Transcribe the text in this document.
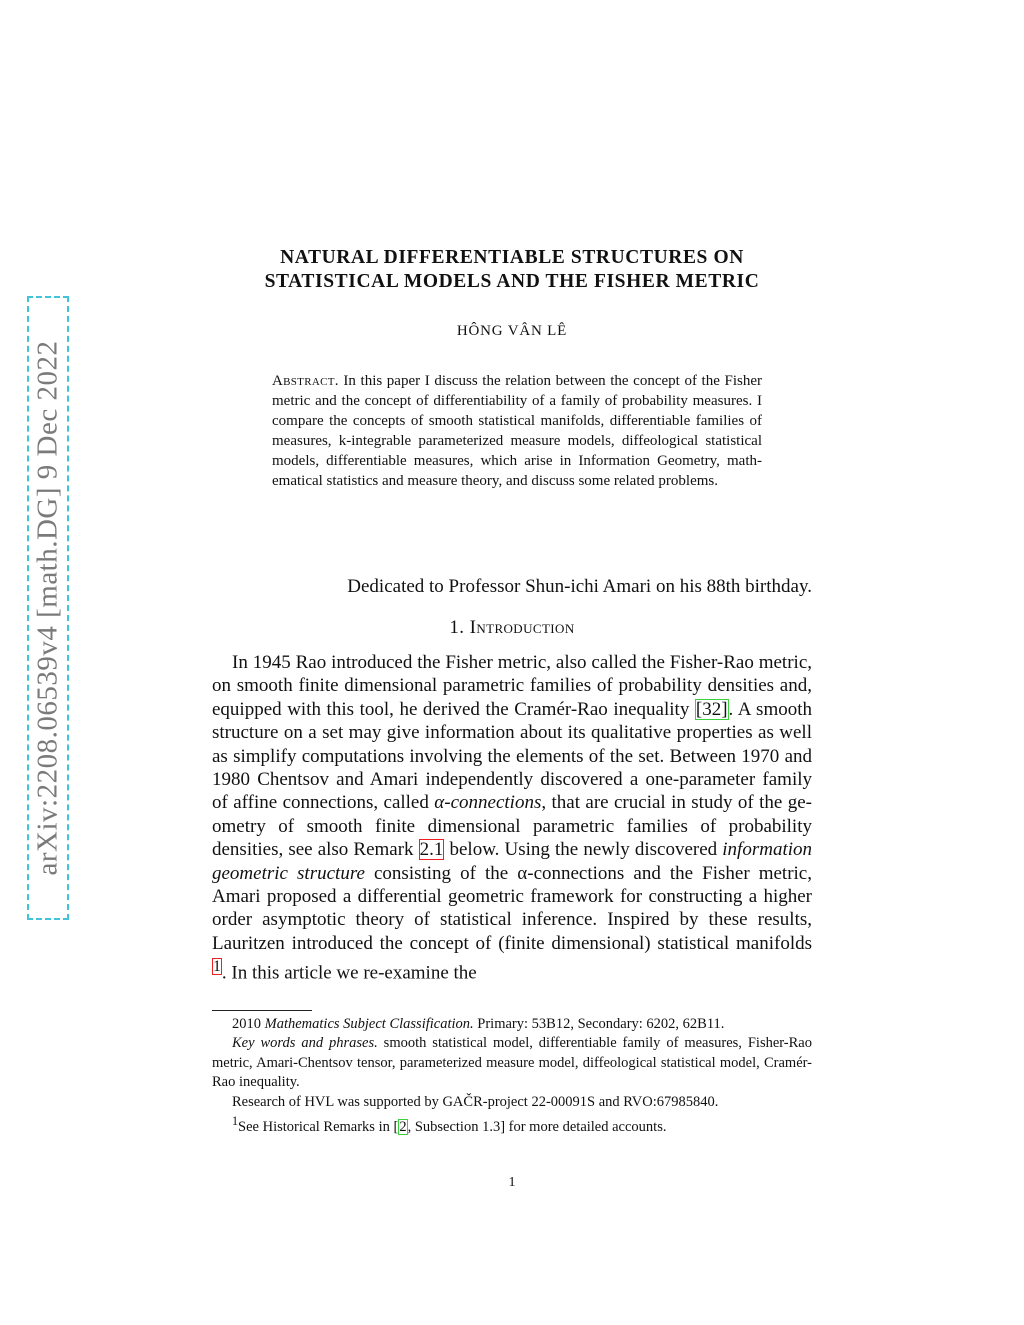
arXiv:2208.06539v4 [math.DG] 9 Dec 2022
NATURAL DIFFERENTIABLE STRUCTURES ON
STATISTICAL MODELS AND THE FISHER METRIC
HÔNG VÂN LÊ
Abstract. In this paper I discuss the relation between the concept of the Fisher metric and the concept of differentiability of a family of probability measures. I compare the concepts of smooth statistical manifolds, differentiable families of measures, k-integrable parameterized measure models, diffeological statistical models, differentiable measures, which arise in Information Geometry, mathematical statistics and measure theory, and discuss some related problems.
Dedicated to Professor Shun-ichi Amari on his 88th birthday.
1. Introduction

In 1945 Rao introduced the Fisher metric, also called the Fisher-Rao metric, on smooth finite dimensional parametric families of probability densities and, equipped with this tool, he derived the Cramér-Rao inequality [32]. A smooth structure on a set may give information about its qualitative properties as well as simplify computations involving the elements of the set. Between 1970 and 1980 Chentsov and Amari independently discovered a one-parameter family of affine connections, called α-connections, that are crucial in study of the geometry of smooth finite dimensional parametric families of probability densities, see also Remark 2.1 below. Using the newly discovered information geometric structure consisting of the α-connections and the Fisher metric, Amari proposed a differential geometric framework for constructing a higher order asymptotic theory of statistical inference. Inspired by these results, Lauritzen introduced the concept of (finite dimensional) statistical manifolds $^1$. In this article we re-examine the

2010 Mathematics Subject Classification. Primary: 53B12, Secondary: 6202, 62B11.

Key words and phrases. smooth statistical model, differentiable family of measures, Fisher-Rao metric, Amari-Chentsov tensor, parameterized measure model, diffeological statistical model, Cramér-Rao inequality.

Research of HVL was supported by GAČR-project 22-00091S and RVO:67985840.

$^1$See Historical Remarks in [2, Subsection 1.3] for more detailed accounts.

1
